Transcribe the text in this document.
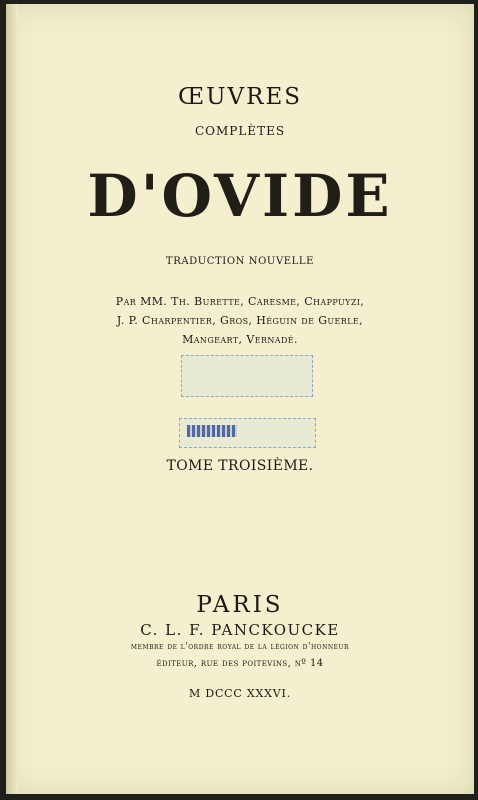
ŒUVRES
COMPLÈTES
D'OVIDE
TRADUCTION NOUVELLE
Par MM. Th. Burette, Caresme, Chappuyzi,
J. P. Charpentier, Gros, Héguin de Guerle,
Mangeart, Vernadé.
TOME TROISIÈME.
PARIS
C. L. F. PANCKOUCKE
membre de l'ordre royal de la légion d'honneur
éditeur, rue des poitevins, nº 14
M DCCC XXXVI.
